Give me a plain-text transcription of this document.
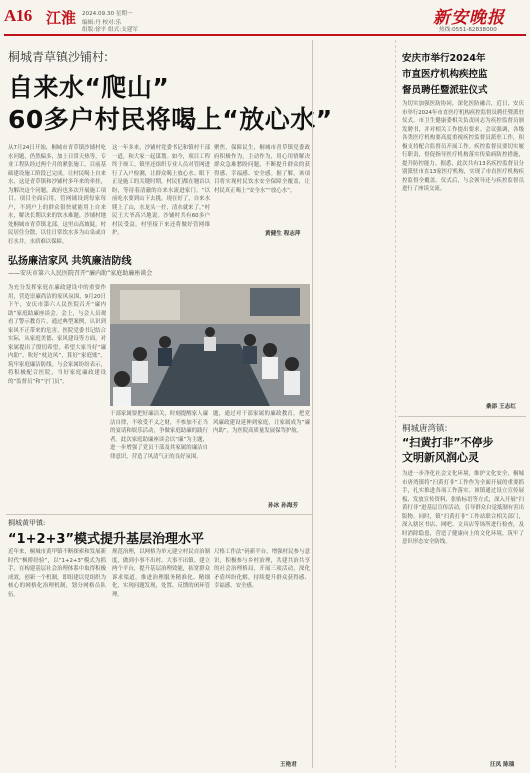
A16 江淮 2024.09.30 星期一
编辑:丹 校对:乐
组版:徐平 组式:支建军
新安晚报
热线:0551-62838000
桐城青草镇沙铺村:
自来水“爬山”
60多户村民将喝上“放心水”
从7月24日开始，桐城市青草镇沙铺村吃水问题，仍然偏多，加上日常天热等，专业工程队经过两个月的紧张施工，目前基础建设施工阶段已完成。让村民喝上自来水，这是青草镇和沙铺村多年来的牵挂，为解决这个问题，政府也多次开展施工项目。项目全面启用，管网铺设到每家每户，不到户上的群众很快就能用上自来水，解决长期以来的饮水难题。沙铺村地处桐城市青草镇北部，这里山高坡陡，村民居住分散，以往日常饮水多为山泉或自打水井，水质难以保障。
这一年多来，沙铺村党委书记和镇村干部一道，和大家一起谋划。如今，项目工程终于竣工。镇里还组织专业人员对管网进行了入户检测，让群众喝上放心水。眼下正是施工的关键时期，村民们都在翘首以盼，等待着清澈的自来水流进家门。“以前吃水要到山下去挑，现在好了，自来水爬上了山，水龙头一拧，清水就来了。”村民王大爷高兴地说。沙铺村共有60多户村民受益，村里接下来还将做好管网维护。
聚焦，保障民生，桐城市青草镇党委政府积极作为，主动作为，用心用情解决群众急难愁盼问题，不断提升群众的获得感、幸福感、安全感。据了解，该项目将实现村民饮水安全保障全覆盖，让村民真正喝上“安全水”“放心水”。
黄健生 程志萍
弘扬廉洁家风 共筑廉洁防线
——安庆市第六人民医院召开“廉内助”家庭助廉座谈会
为充分发挥家庭在廉政建设中的重要作用，营造崇廉尚洁的家风氛围，9月20日下午，安庆市第六人民医院召开“廉内助”家庭助廉座谈会。会上，与会人员观看了警示教育片，通过典型案例，认识到家风不正带来的危害。医院党委书记结合实际，从家庭美德、家风建设等方面，对家属提出了殷切希望，希望大家当好“廉内助”，吹好“枕边风”，算好“家庭账”，筑牢家庭廉洁防线。与会家属纷纷表示，将积极配合医院，当好家庭廉政建设的“监督员”和“守门员”。
干部家属要把好廉洁关，时刻提醒家人廉洁自律，不收受不义之财，不参加不正当的宴请和娱乐活动，争做家庭助廉的践行者。此次家庭助廉座谈会以“廉”为主题，进一步增强了党员干部及其家属的廉洁自律意识，营造了风清气正的良好氛围。
题，通过对干部家属的廉政教育，把党风廉政建设延伸到家庭，让家属成为“廉内助”，为医院高质量发展保驾护航。
孙冰 孙海芳
桐城黄甲镇:
“1+2+3”模式提升基层治理水平
近年来，桐城市黄甲镇不断探索和发展新时代“枫桥经验”，以“1+2+3”模式为抓手，在构建基层社会治理体系中取得积极成效。创新一个机制，即组建以党组织为核心的网格化治理机制，划分网格员队伍。
规范治理，以网格为单元建立村民自治制度，做到小事不出村、大事不出镇。建立两个平台，提升基层治理效能，拓宽群众诉求渠道，推进治理服务精准化、精细化，实现问题发现、处置、反馈的闭环管理。
尺格工作法“码新平台，增强村民参与意识，积极参与乡村治理，共建共治共享的社会治理格局，开展三项活动，深化矛盾纠纷化解，持续提升群众获得感、幸福感、安全感。
王艳君
安庆市举行2024年
市直医疗机构疾控监
督员聘任暨派驻仪式
为切实加强医防协同，深化医防融合，近日，安庆市举行2024年市直医疗机构疾控监督员聘任暨派驻仪式。市卫生健康委相关负责同志为疾控监督员颁发聘书，并对相关工作提出要求。会议强调，各级各类医疗机构要高度重视疾控监督员派驻工作，积极支持配合监督员开展工作。疾控监督员要切实履行职责，督促指导医疗机构落实传染病防控措施，提升防控能力。据悉，此次共有13名疾控监督员分别派驻市直13家医疗机构，实现了市直医疗机构疾控监督全覆盖。仪式后，与会领导还与疾控监督员进行了座谈交流。
桑添 王志红
桐城唐湾镇:
“扫黄打非”不停步
文明新风润心灵
为进一步净化社会文化环境，维护文化安全，桐城市唐湾镇将“扫黄打非”工作作为全面开展的重要抓手，扎实推进各项工作落实。该镇通过设立宣传展板、发放宣传资料、张贴标语等方式，深入开展“扫黄打非”进基层宣传活动，引导群众自觉抵制有害出版物。同时，镇“扫黄打非”工作站联合相关部门，深入辖区书店、网吧、文具店等场所进行检查，及时消除隐患，营造了健康向上的文化环境，筑牢了意识形态安全防线。
汪凤 陈瑞
